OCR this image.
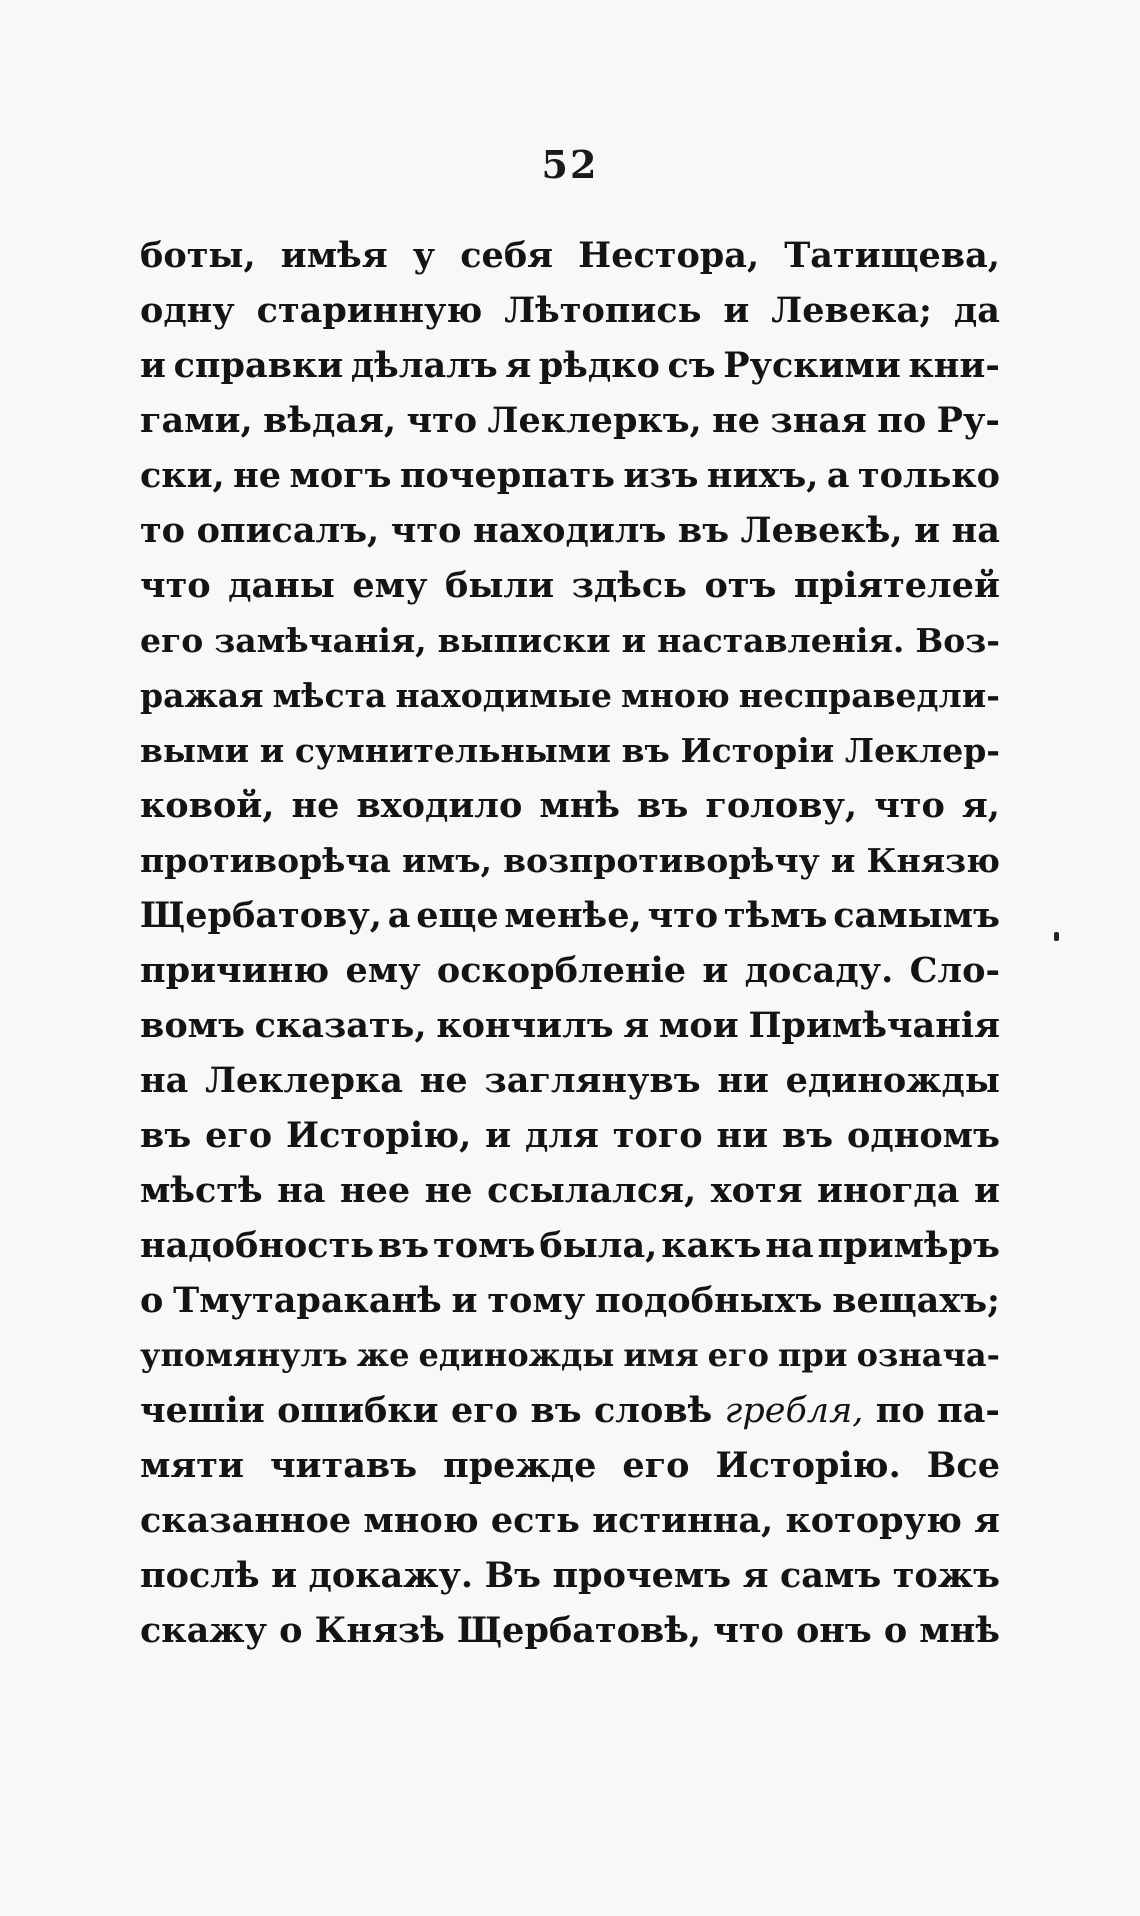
52
боты, имѣя у себя Нестора, Татищева,
одну старинную Лѣтопись и Левека; да
и справки дѣлалъ я рѣдко съ Рускими кни-
гами, вѣдая, что Леклеркъ, не зная по Ру-
ски, не могъ почерпать изъ нихъ, а только
то описалъ, что находилъ въ Левекѣ, и на
что даны ему были здѣсь отъ пріятелей
его замѣчанія, выписки и наставленія. Воз-
ражая мѣста находимые мною несправедли-
выми и сумнительными въ Исторіи Леклер-
ковой, не входило мнѣ въ голову, что я,
противорѣча имъ, возпротиворѣчу и Князю
Щербатову, а еще менѣе, что тѣмъ самымъ
причиню ему оскорбленіе и досаду. Сло-
вомъ сказать, кончилъ я мои Примѣчанія
на Леклерка не заглянувъ ни единожды
въ его Исторію, и для того ни въ одномъ
мѣстѣ на нее не ссылался, хотя иногда и
надобность въ томъ была, какъ на примѣръ
о Тмутараканѣ и тому подобныхъ вещахъ;
упомянулъ же единожды имя его при означа-
чешіи ошибки его въ словѣ гребля, по па-
мяти читавъ прежде его Исторію. Все
сказанное мною есть истинна, которую я
послѣ и докажу. Въ прочемъ я самъ тожъ
скажу о Князѣ Щербатовѣ, что онъ о мнѣ
